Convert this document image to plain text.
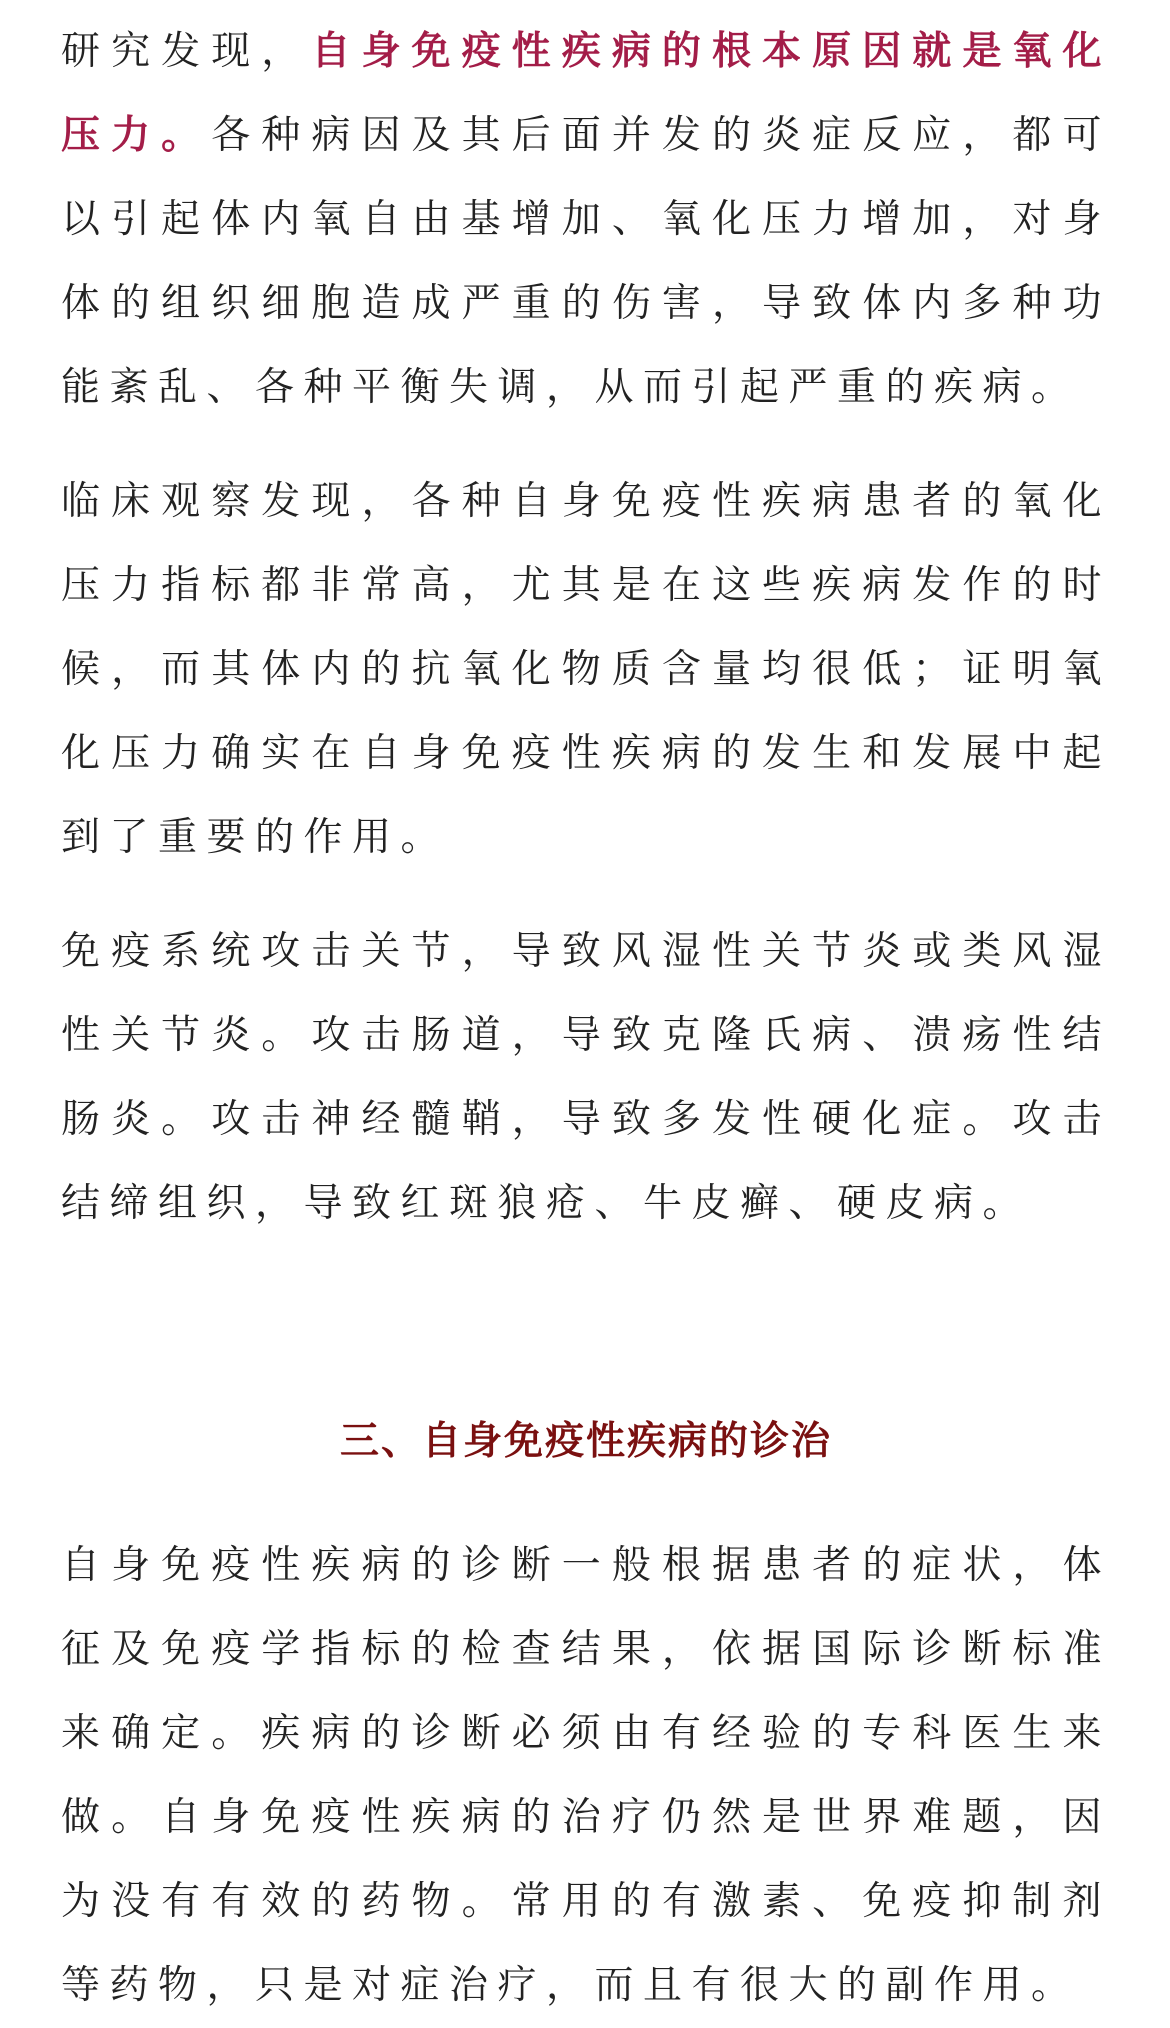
研究发现，自身免疫性疾病的根本原因就是氧化压力。各种病因及其后面并发的炎症反应，都可以引起体内氧自由基增加、氧化压力增加，对身体的组织细胞造成严重的伤害，导致体内多种功能紊乱、各种平衡失调，从而引起严重的疾病。

临床观察发现，各种自身免疫性疾病患者的氧化压力指标都非常高，尤其是在这些疾病发作的时候，而其体内的抗氧化物质含量均很低；证明氧化压力确实在自身免疫性疾病的发生和发展中起到了重要的作用。

免疫系统攻击关节，导致风湿性关节炎或类风湿性关节炎。攻击肠道，导致克隆氏病、溃疡性结肠炎。攻击神经髓鞘，导致多发性硬化症。攻击结缔组织，导致红斑狼疮、牛皮癣、硬皮病。

三、自身免疫性疾病的诊治

自身免疫性疾病的诊断一般根据患者的症状，体征及免疫学指标的检查结果，依据国际诊断标准来确定。疾病的诊断必须由有经验的专科医生来做。自身免疫性疾病的治疗仍然是世界难题，因为没有有效的药物。常用的有激素、免疫抑制剂等药物，只是对症治疗，而且有很大的副作用。
